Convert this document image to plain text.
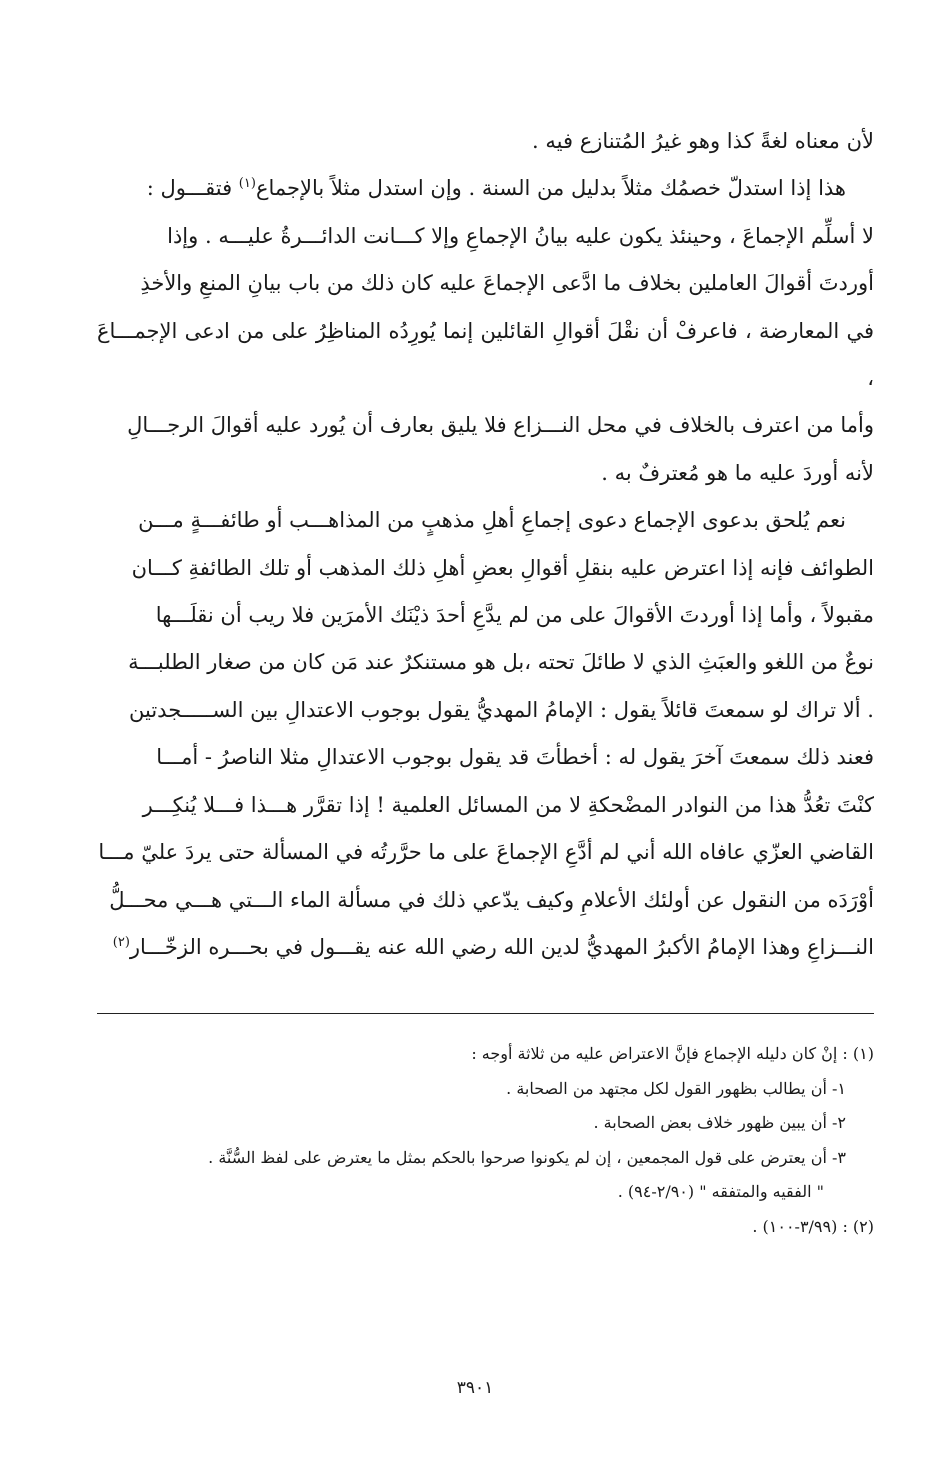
لأن معناه لغةً كذا وهو غيرُ المُتنازع فيه .

هذا إذا استدلّ خصمُك مثلاً بدليل من السنة . وإن استدل مثلاً بالإجماع$^{(١)}$ فتقـــول :

لا أسلِّم الإجماعَ ، وحينئذ يكون عليه بيانُ الإجماعِ وإلا كـــانت الدائـــرةُ عليـــه . وإذا

أوردتَ أقوالَ العاملين بخلاف ما ادَّعى الإجماعَ عليه كان ذلك من باب بيانِ المنعِ والأخذِ

في المعارضة ، فاعرفْ أن نقْلَ أقوالِ القائلين إنما يُورِدُه المناظِرُ على من ادعى الإجمـــاعَ ،

وأما من اعترف بالخلاف في محل النـــزاع فلا يليق بعارف أن يُورد عليه أقوالَ الرجـــالِ

لأنه أوردَ عليه ما هو مُعترفٌ به .

نعم يُلحق بدعوى الإجماع دعوى إجماعِ أهلِ مذهبٍ من المذاهـــب أو طائفـــةٍ مـــن

الطوائف فإنه إذا اعترض عليه بنقلِ أقوالِ بعضِ أهلِ ذلك المذهب أو تلك الطائفةِ كـــان

مقبولاً ، وأما إذا أوردتَ الأقوالَ على من لم يدَّعِ أحدَ ذيْنَك الأمرَين فلا ريب أن نقلَـــها

نوعٌ من اللغو والعبَثِ الذي لا طائلَ تحته ،بل هو مستنكرٌ عند مَن كان من صغار الطلبـــة

. ألا تراك لو سمعتَ قائلاً يقول : الإمامُ المهديُّ يقول بوجوب الاعتدالِ بين الســـــجدتين

فعند ذلك سمعتَ آخرَ يقول له : أخطأتَ قد يقول بوجوب الاعتدالِ مثلا الناصرُ - أمـــا

كنْتَ تعُدُّ هذا من النوادر المضْحكةِ لا من المسائل العلمية ! إذا تقرَّر هـــذا فـــلا يُنكِـــر

القاضي العزّي عافاه الله أني لم أدَّعِ الإجماعَ على ما حرَّرتُه في المسألة حتى يردَ عليّ مـــا

أوْرَدَه من النقول عن أولئك الأعلامِ وكيف يدّعي ذلك في مسألة الماء الـــتي هـــي محـــلُّ

النـــزاعِ وهذا الإمامُ الأكبرُ المهديُّ لدين الله رضي الله عنه يقـــول في بحـــره الزخّـــار$^{(٢)}$

(١) : إنْ كان دليله الإجماع فإنَّ الاعتراض عليه من ثلاثة أوجه :

١- أن يطالب بظهور القول لكل مجتهد من الصحابة .

٢- أن يبين ظهور خلاف بعض الصحابة .

٣- أن يعترض على قول المجمعين ، إن لم يكونوا صرحوا بالحكم بمثل ما يعترض على لفظ السُّنَّة .

" الفقيه والمتفقه " (٢/٩٠-٩٤) .

(٢) : (٣/٩٩-١٠٠) .

٣٩٠١
